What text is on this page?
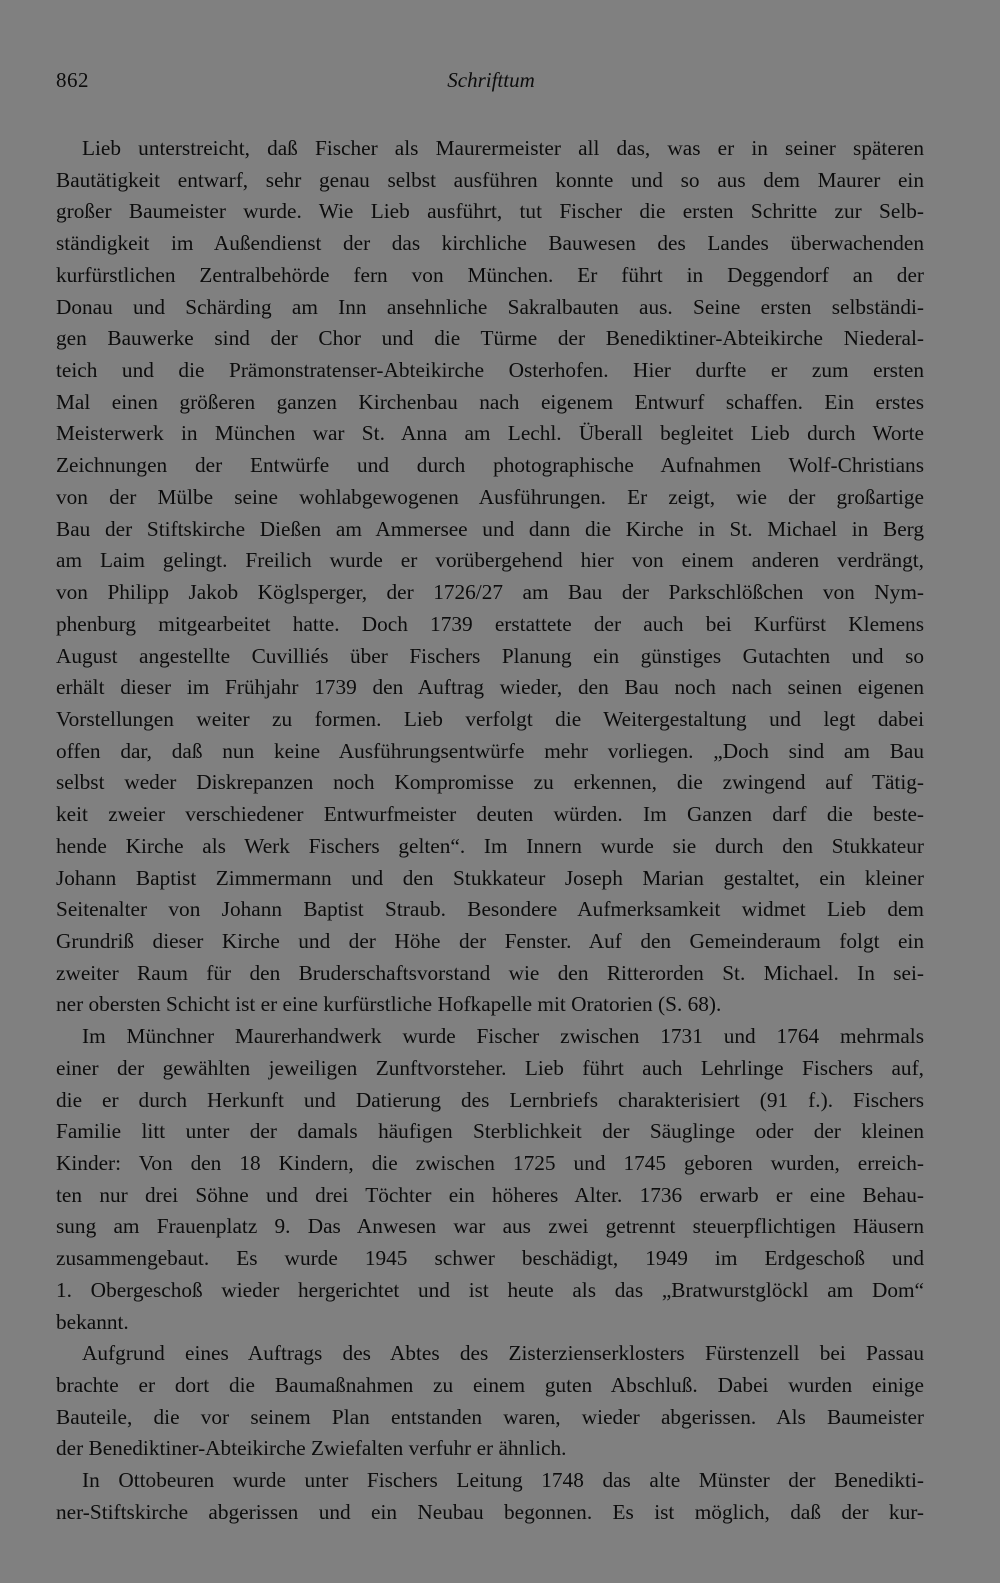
862	Schrifttum
Lieb unterstreicht, daß Fischer als Maurermeister all das, was er in seiner späteren
Bautätigkeit entwarf, sehr genau selbst ausführen konnte und so aus dem Maurer ein
großer Baumeister wurde. Wie Lieb ausführt, tut Fischer die ersten Schritte zur Selb-
ständigkeit im Außendienst der das kirchliche Bauwesen des Landes überwachenden
kurfürstlichen Zentralbehörde fern von München. Er führt in Deggendorf an der
Donau und Schärding am Inn ansehnliche Sakralbauten aus. Seine ersten selbständi-
gen Bauwerke sind der Chor und die Türme der Benediktiner-Abteikirche Niederal-
teich und die Prämonstratenser-Abteikirche Osterhofen. Hier durfte er zum ersten
Mal einen größeren ganzen Kirchenbau nach eigenem Entwurf schaffen. Ein erstes
Meisterwerk in München war St. Anna am Lechl. Überall begleitet Lieb durch Worte
Zeichnungen der Entwürfe und durch photographische Aufnahmen Wolf-Christians
von der Mülbe seine wohlabgewogenen Ausführungen. Er zeigt, wie der großartige
Bau der Stiftskirche Dießen am Ammersee und dann die Kirche in St. Michael in Berg
am Laim gelingt. Freilich wurde er vorübergehend hier von einem anderen verdrängt,
von Philipp Jakob Köglsperger, der 1726/27 am Bau der Parkschlößchen von Nym-
phenburg mitgearbeitet hatte. Doch 1739 erstattete der auch bei Kurfürst Klemens
August angestellte Cuvilliés über Fischers Planung ein günstiges Gutachten und so
erhält dieser im Frühjahr 1739 den Auftrag wieder, den Bau noch nach seinen eigenen
Vorstellungen weiter zu formen. Lieb verfolgt die Weitergestaltung und legt dabei
offen dar, daß nun keine Ausführungsentwürfe mehr vorliegen. „Doch sind am Bau
selbst weder Diskrepanzen noch Kompromisse zu erkennen, die zwingend auf Tätig-
keit zweier verschiedener Entwurfmeister deuten würden. Im Ganzen darf die beste-
hende Kirche als Werk Fischers gelten“. Im Innern wurde sie durch den Stukkateur
Johann Baptist Zimmermann und den Stukkateur Joseph Marian gestaltet, ein kleiner
Seitenalter von Johann Baptist Straub. Besondere Aufmerksamkeit widmet Lieb dem
Grundriß dieser Kirche und der Höhe der Fenster. Auf den Gemeinderaum folgt ein
zweiter Raum für den Bruderschaftsvorstand wie den Ritterorden St. Michael. In sei-
ner obersten Schicht ist er eine kurfürstliche Hofkapelle mit Oratorien (S. 68).
Im Münchner Maurerhandwerk wurde Fischer zwischen 1731 und 1764 mehrmals
einer der gewählten jeweiligen Zunftvorsteher. Lieb führt auch Lehrlinge Fischers auf,
die er durch Herkunft und Datierung des Lernbriefs charakterisiert (91 f.). Fischers
Familie litt unter der damals häufigen Sterblichkeit der Säuglinge oder der kleinen
Kinder: Von den 18 Kindern, die zwischen 1725 und 1745 geboren wurden, erreich-
ten nur drei Söhne und drei Töchter ein höheres Alter. 1736 erwarb er eine Behau-
sung am Frauenplatz 9. Das Anwesen war aus zwei getrennt steuerpflichtigen Häusern
zusammengebaut. Es wurde 1945 schwer beschädigt, 1949 im Erdgeschoß und
1. Obergeschoß wieder hergerichtet und ist heute als das „Bratwurstglöckl am Dom“
bekannt.
Aufgrund eines Auftrags des Abtes des Zisterzienserklosters Fürstenzell bei Passau
brachte er dort die Baumaßnahmen zu einem guten Abschluß. Dabei wurden einige
Bauteile, die vor seinem Plan entstanden waren, wieder abgerissen. Als Baumeister
der Benediktiner-Abteikirche Zwiefalten verfuhr er ähnlich.
In Ottobeuren wurde unter Fischers Leitung 1748 das alte Münster der Benedikti-
ner-Stiftskirche abgerissen und ein Neubau begonnen. Es ist möglich, daß der kur-
